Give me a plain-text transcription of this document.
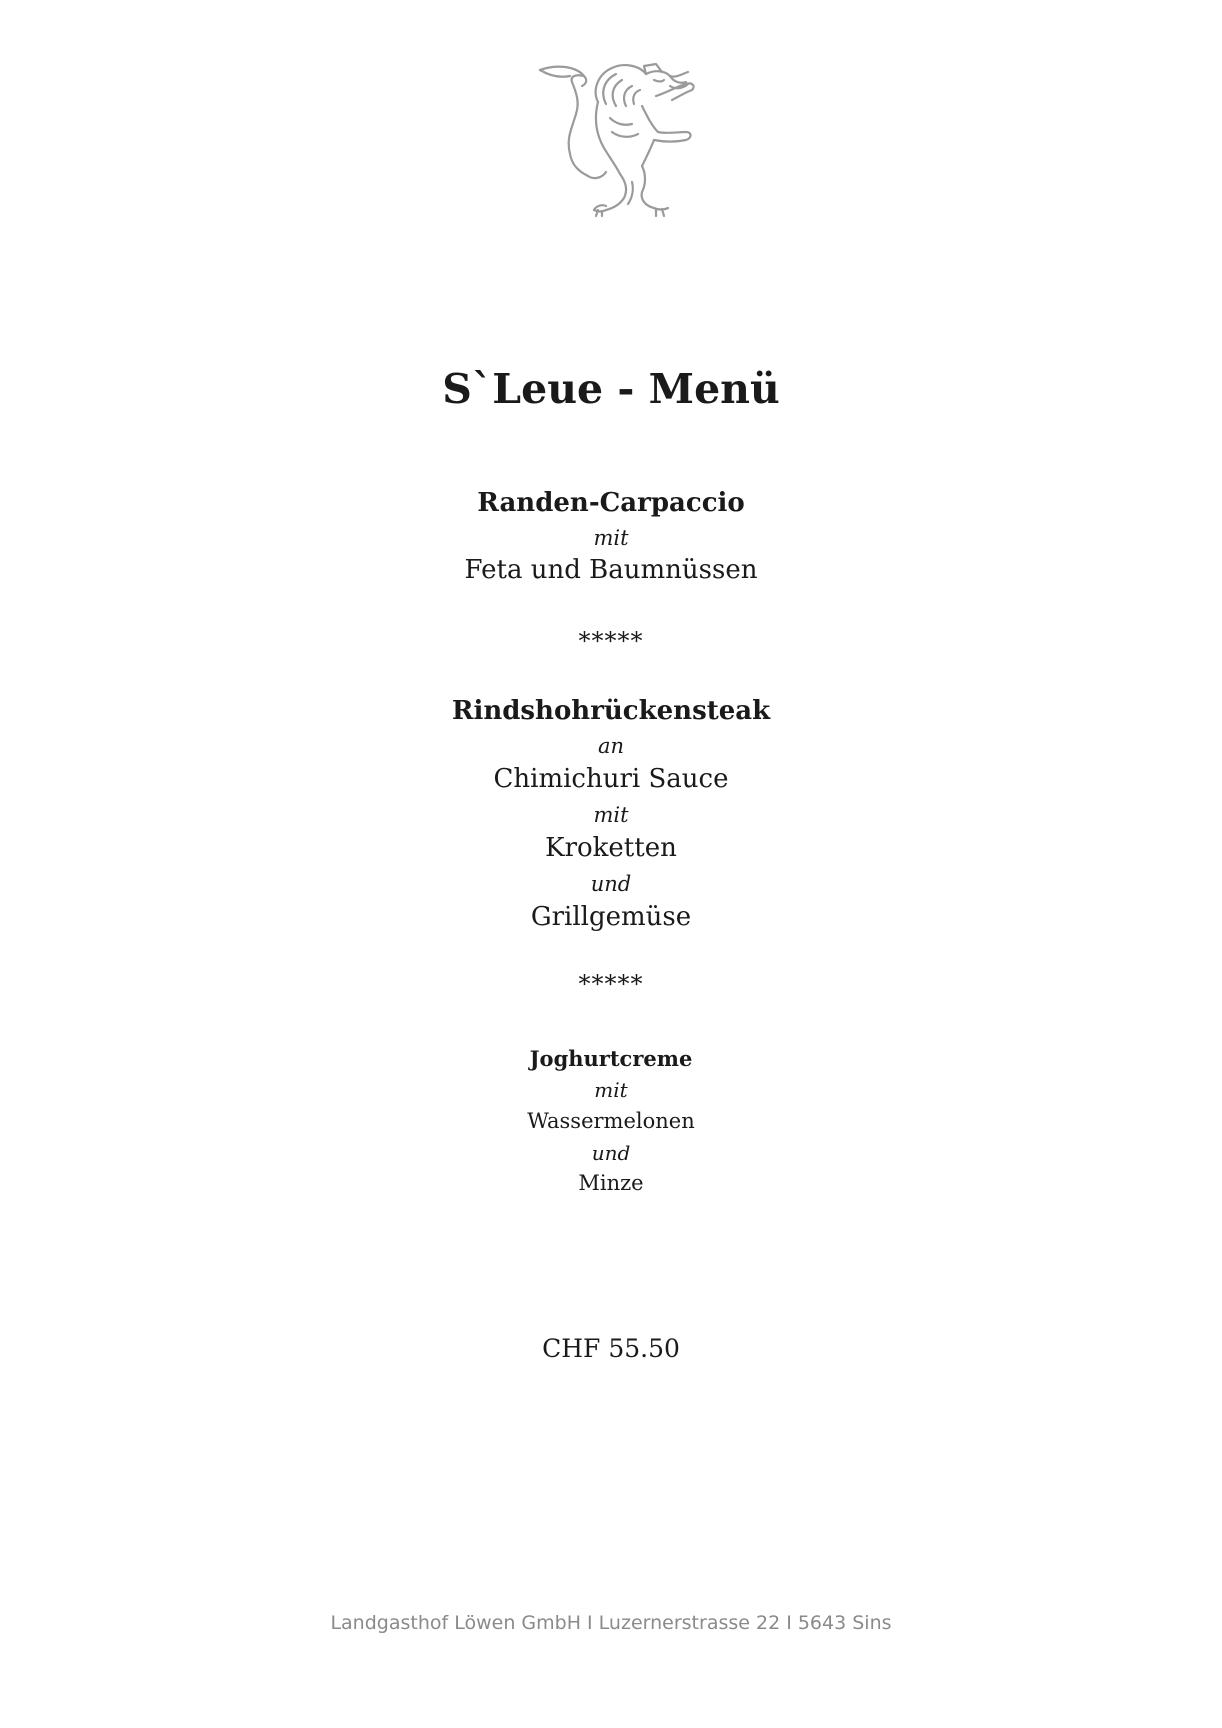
S`Leue - Menü
Randen-Carpaccio
mit
Feta und Baumnüssen
*****
Rindshohrückensteak
an
Chimichuri Sauce
mit
Kroketten
und
Grillgemüse
*****
Joghurtcreme
mit
Wassermelonen
und
Minze
CHF 55.50
Landgasthof Löwen GmbH I Luzernerstrasse 22 I 5643 Sins
